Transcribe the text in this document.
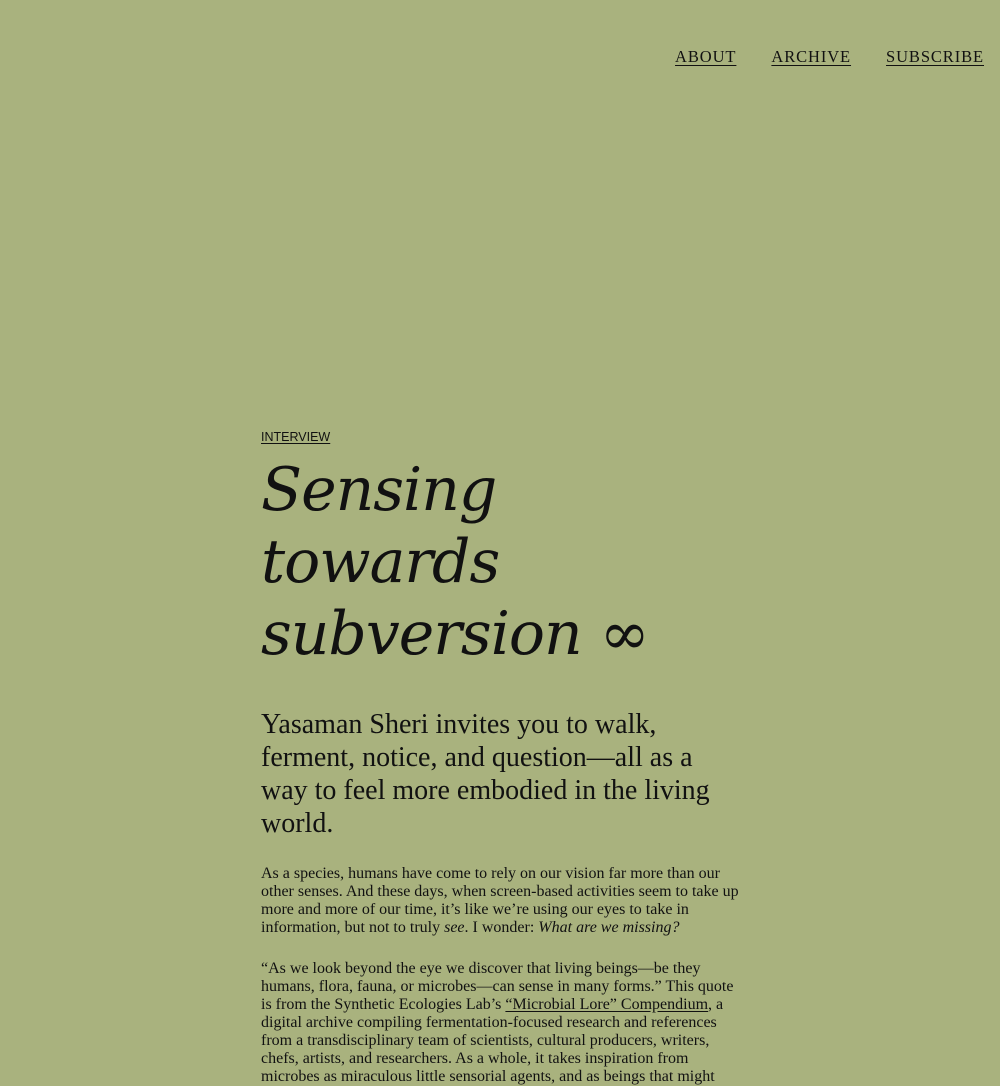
ABOUT ARCHIVE SUBSCRIBE
INTERVIEW
Sensing towards subversion ∞

Yasaman Sheri invites you to walk, ferment, notice, and question—all as a way to feel more embodied in the living world.

As a species, humans have come to rely on our vision far more than our other senses. And these days, when screen-based activities seem to take up more and more of our time, it’s like we’re using our eyes to take in information, but not to truly see. I wonder: What are we missing?

“As we look beyond the eye we discover that living beings—be they humans, flora, fauna, or microbes—can sense in many forms.” This quote is from the Synthetic Ecologies Lab’s “Microbial Lore” Compendium, a digital archive compiling fermentation-focused research and references from a transdisciplinary team of scientists, cultural producers, writers, chefs, artists, and researchers. As a whole, it takes inspiration from microbes as miraculous little sensorial agents, and as beings that might
